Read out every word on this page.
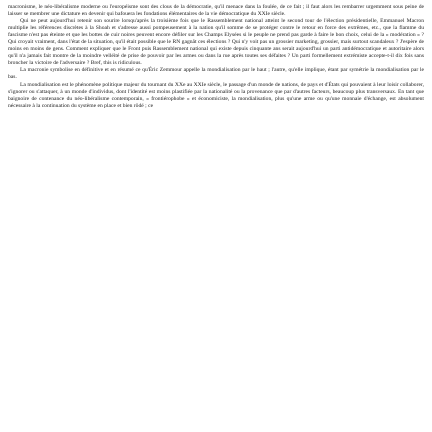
macronisme, le néo-libéralisme moderne ou l'européisme sont des clous de la démocratie, qu'il menace dans la foulée, de ce fait ; il faut alors les rembarrer urgemment sous peine de laisser se membrer une dictature en devenir qui bafouera les fondations élémentaires de la vie démocratique du XXIe siècle.

Qui ne peut aujourd'hui retenir son sourire lorsqu'après la troisième fois que le Rassemblement national atteint le second tour de l'élection présidentielle, Emmanuel Macron multiplie les références discrètes à la Shoah et s'adresse aussi pompeusement à la nation qu'il somme de se protéger contre le retour en force des extrêmes, etc., que la flamme du fascisme n'est pas éteinte et que les bottes de cuir noires peuvent encore défiler sur les Champs Elysées si le peuple ne prend pas garde à faire le bon choix, celui de la « modération » ? Qui croyait vraiment, dans l'état de la situation, qu'il était possible que le RN gagnât ces élections ? Qui n'y voit pas un grossier marketing, grossier, mais surtout scandaleux ? J'espère de moins en moins de gens. Comment expliquer que le Front puis Rassemblement national qui existe depuis cinquante ans serait aujourd'hui un parti antidémocratique et autoritaire alors qu'il n'a jamais fait montre de la moindre velléité de prise de pouvoir par les armes ou dans la rue après toutes ses défaites ? Un parti formellement extrémiste accepte-t-il dix fois sans broncher la victoire de l'adversaire ? Bref, this is ridiculous.

La macronie symbolise en définitive et en résumé ce qu'Éric Zemmour appelle la mondialisation par le haut ; l'autre, qu'elle implique, étant par symétrie la mondialisation par le bas.

La mondialisation est le phénomène politique majeur du tournant du XXe au XXIe siècle, le passage d'un monde de nations, de pays et d'États qui pouvaient à leur loisir collaborer, s'ignorer ou s'attaquer, à un monde d'individus, dont l'identité est moins plastifiée par la nationalité ou la provenance que par d'autres facteurs, beaucoup plus transversaux. En tant que baignoire de contenance du néo-libéralisme contemporain, « frontiérophobe » et économiciste, la mondialisation, plus qu'une arme ou qu'une monnaie d'échange, est absolument nécessaire à la continuation du système en place et bien rôdé ; ce
